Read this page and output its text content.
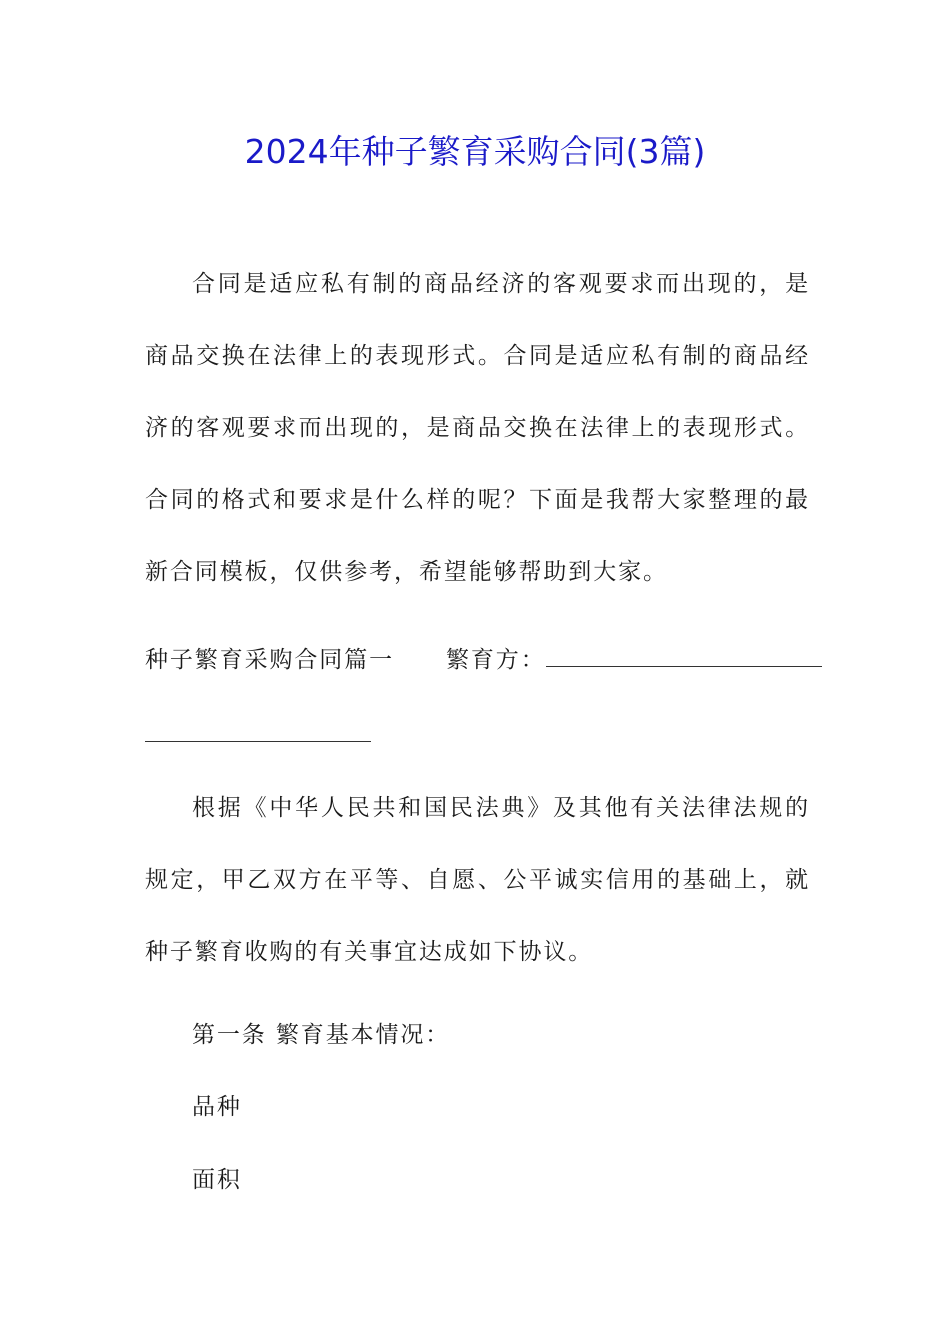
2024年种子繁育采购合同(3篇)

合同是适应私有制的商品经济的客观要求而出现的，是商品交换在法律上的表现形式。合同是适应私有制的商品经济的客观要求而出现的，是商品交换在法律上的表现形式。合同的格式和要求是什么样的呢？下面是我帮大家整理的最新合同模板，仅供参考，希望能够帮助到大家。

种子繁育采购合同篇一 繁育方：

根据《中华人民共和国民法典》及其他有关法律法规的规定，甲乙双方在平等、自愿、公平诚实信用的基础上，就种子繁育收购的有关事宜达成如下协议。

第一条 繁育基本情况：
品种
面积
